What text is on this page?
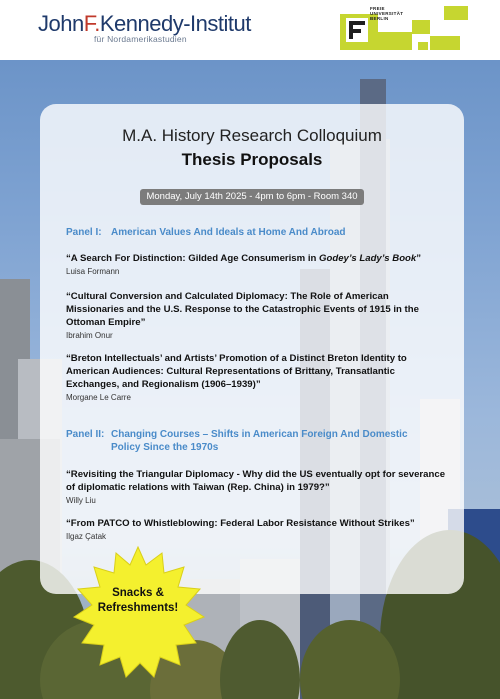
JohnF.Kennedy-Institut
für Nordamerikastudien
FREIE
UNIVERSITÄT
BERLIN
M.A. History Research Colloquium
Thesis Proposals
Monday, July 14th 2025 - 4pm to 6pm - Room 340
Panel I: American Values And Ideals at Home And Abroad
“A Search For Distinction: Gilded Age Consumerism in Godey’s Lady’s Book”
Luisa Formann
“Cultural Conversion and Calculated Diplomacy: The Role of American Missionaries and the U.S. Response to the Catastrophic Events of 1915 in the Ottoman Empire”
Ibrahim Onur
“Breton Intellectuals’ and Artists’ Promotion of a Distinct Breton Identity to American Audiences: Cultural Representations of Brittany, Transatlantic Exchanges, and Regionalism (1906–1939)”
Morgane Le Carre
Panel II: Changing Courses – Shifts in American Foreign And Domestic Policy Since the 1970s
“Revisiting the Triangular Diplomacy - Why did the US eventually opt for severance of diplomatic relations with Taiwan (Rep. China) in 1979?”
Willy Liu
“From PATCO to Whistleblowing: Federal Labor Resistance Without Strikes”
Ilgaz Çatak
Snacks &
Refreshments!
